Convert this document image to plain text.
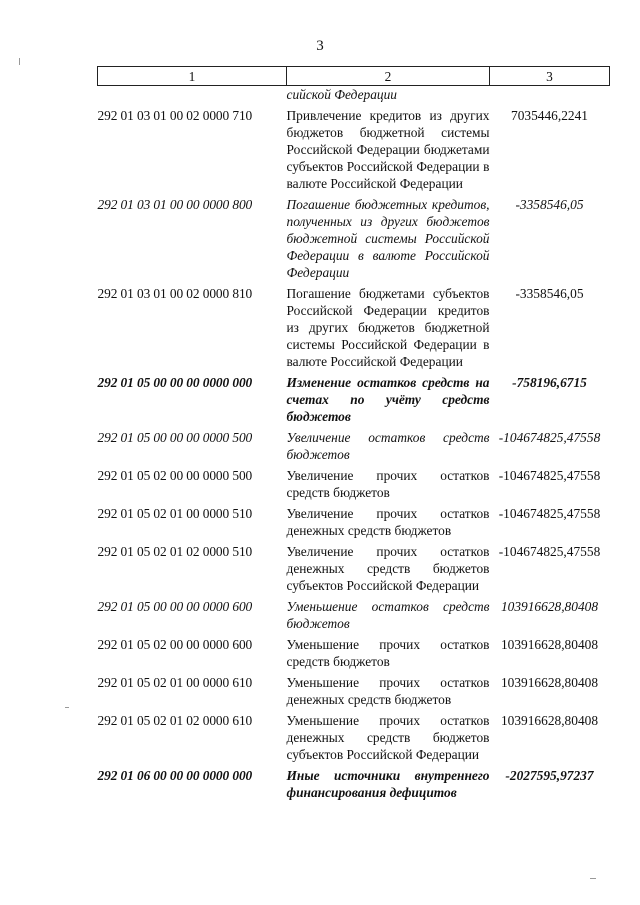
3
1	2	3
	сийской Федерации	
292 01 03 01 00 02 0000 710	Привлечение кредитов из других бюджетов бюджетной системы Российской Федерации бюджетами субъектов Российской Федерации в валюте Российской Федерации	7035446,2241
292 01 03 01 00 00 0000 800	Погашение бюджетных кредитов, полученных из других бюджетов бюджетной системы Российской Федерации в валюте Российской Федерации	-3358546,05
292 01 03 01 00 02 0000 810	Погашение бюджетами субъектов Российской Федерации кредитов из других бюджетов бюджетной системы Российской Федерации в валюте Российской Федерации	-3358546,05
292 01 05 00 00 00 0000 000	Изменение остатков средств на счетах по учёту средств бюджетов	-758196,6715
292 01 05 00 00 00 0000 500	Увеличение остатков средств бюджетов	-104674825,47558
292 01 05 02 00 00 0000 500	Увеличение прочих остатков средств бюджетов	-104674825,47558
292 01 05 02 01 00 0000 510	Увеличение прочих остатков денежных средств бюджетов	-104674825,47558
292 01 05 02 01 02 0000 510	Увеличение прочих остатков денежных средств бюджетов субъектов Российской Федерации	-104674825,47558
292 01 05 00 00 00 0000 600	Уменьшение остатков средств бюджетов	103916628,80408
292 01 05 02 00 00 0000 600	Уменьшение прочих остатков средств бюджетов	103916628,80408
292 01 05 02 01 00 0000 610	Уменьшение прочих остатков денежных средств бюджетов	103916628,80408
292 01 05 02 01 02 0000 610	Уменьшение прочих остатков денежных средств бюджетов субъектов Российской Федерации	103916628,80408
292 01 06 00 00 00 0000 000	Иные источники внутреннего финансирования дефицитов	-2027595,97237
